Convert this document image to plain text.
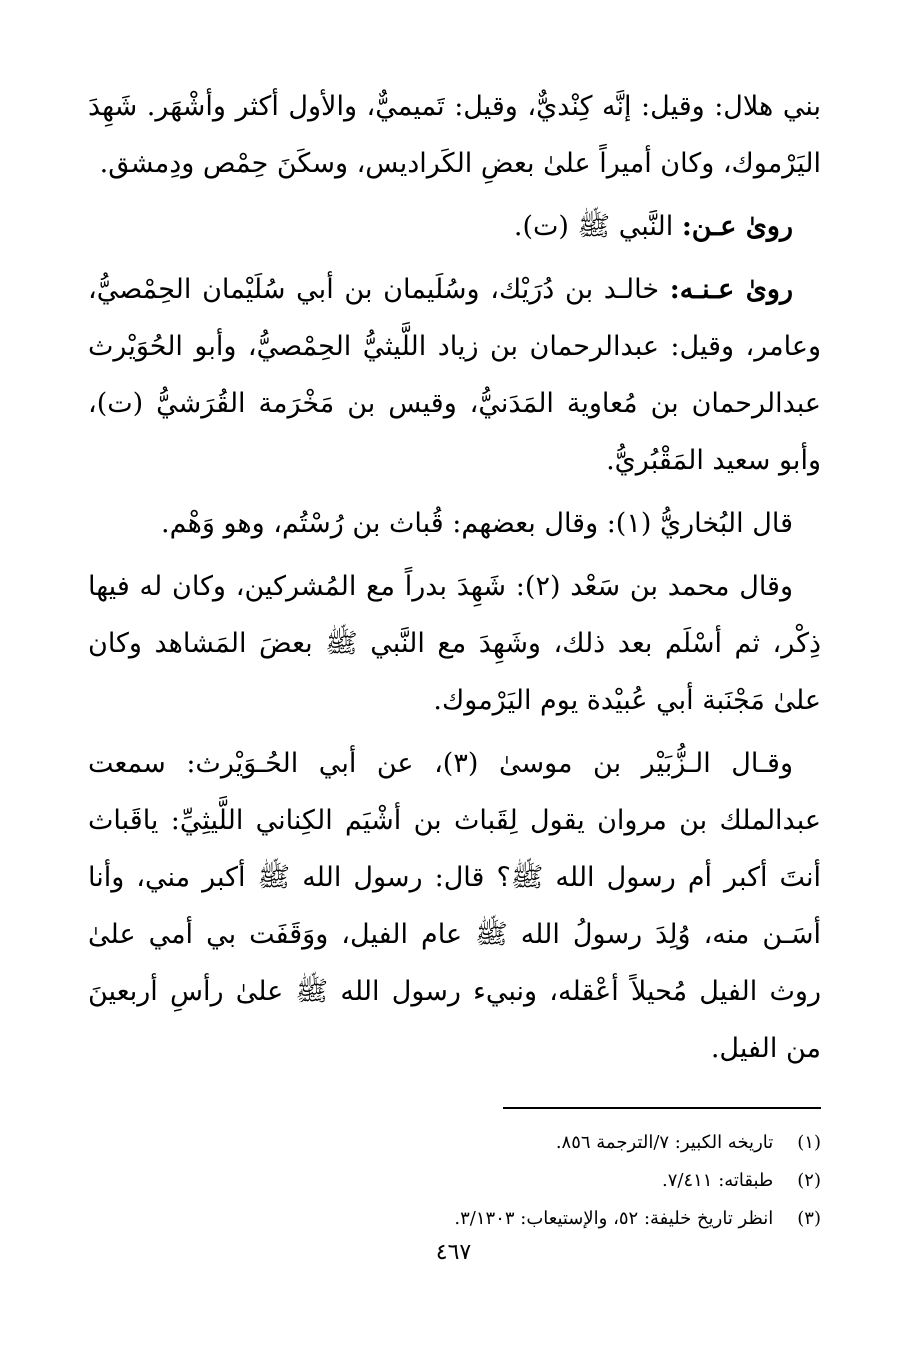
بني هلال: وقيل: إنَّه كِنْديٌّ، وقيل: تَميميٌّ، والأول أكثر وأشْهَر. شَهِدَ اليَرْموك، وكان أميراً علىٰ بعضِ الكَراديس، وسكَنَ حِمْص ودِمشق.

رویٰ عـن: النَّبي ﷺ (ت).

رویٰ عـنـه: خالـد بن دُرَيْك، وسُلَيمان بن أبي سُلَيْمان الحِمْصيُّ، وعامر، وقيل: عبدالرحمان بن زياد اللَّيثيُّ الحِمْصيُّ، وأبو الحُوَيْرث عبدالرحمان بن مُعاوية المَدَنيُّ، وقيس بن مَخْرَمة القُرَشيُّ (ت)، وأبو سعيد المَقْبُريُّ.

قال البُخاريُّ (١): وقال بعضهم: قُباث بن رُسْتُم، وهو وَهْم.

وقال محمد بن سَعْد (٢): شَهِدَ بدراً مع المُشركين، وكان له فيها ذِكْر، ثم أسْلَم بعد ذلك، وشَهِدَ مع النَّبي ﷺ بعضَ المَشاهد وكان علىٰ مَجْنَبة أبي عُبيْدة يوم اليَرْموك.

وقـال الـزُّبَيْر بن موسىٰ (٣)، عن أبي الحُـوَيْرث: سمعت عبدالملك بن مروان يقول لِقَباث بن أشْيَم الكِناني اللَّيثِيِّ: ياقَباث أنتَ أكبر أم رسول الله ﷺ؟ قال: رسول الله ﷺ أكبر مني، وأنا أسَـن منه، وُلِدَ رسولُ الله ﷺ عام الفيل، ووَقَفَت بي أمي علىٰ روث الفيل مُحيلاً أعْقله، ونبيء رسول الله ﷺ علىٰ رأسِ أربعينَ من الفيل.

(١) تاريخه الكبير: ٧/الترجمة ٨٥٦.

(٢) طبقاته: ٧/٤١١.

(٣) انظر تاريخ خليفة: ٥٢، والإستيعاب: ٣/١٣٠٣.

٤٦٧
